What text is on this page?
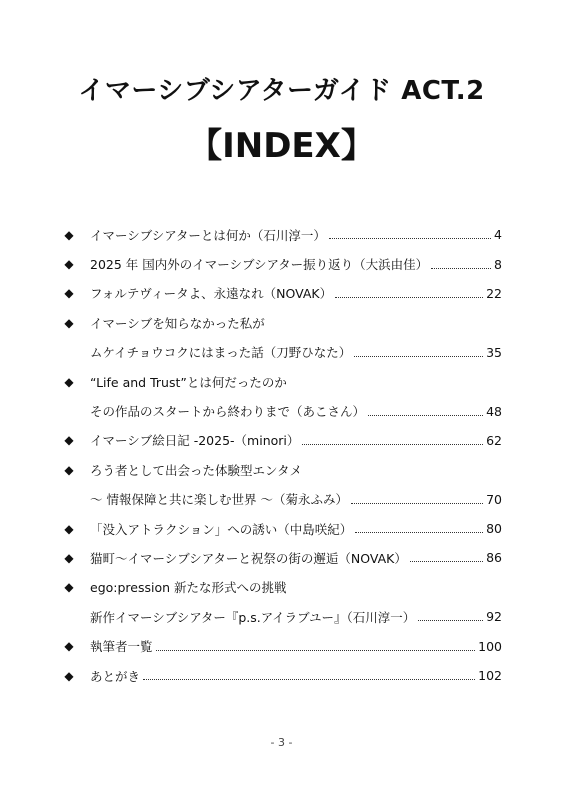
イマーシブシアターガイド ACT.2
【INDEX】
◆ イマーシブシアターとは何か（石川淳一）	4
◆ 2025 年 国内外のイマーシブシアター振り返り（大浜由佳）	8
◆ フォルテヴィータよ、永遠なれ（NOVAK）	22
◆ イマーシブを知らなかった私が
ムケイチョウコクにはまった話（刀野ひなた）	35
◆ “Life and Trust”とは何だったのか
その作品のスタートから終わりまで（あこさん）	48
◆ イマーシブ絵日記 -2025-（minori）	62
◆ ろう者として出会った体験型エンタメ
～ 情報保障と共に楽しむ世界 ～（菊永ふみ）	70
◆ 「没入アトラクション」への誘い（中島咲紀）	80
◆ 猫町～イマーシブシアターと祝祭の街の邂逅（NOVAK）	86
◆ ego:pression 新たな形式への挑戦
新作イマーシブシアター『p.s.アイラブユー』（石川淳一）	92
◆ 執筆者一覧	100
◆ あとがき	102
- 3 -
